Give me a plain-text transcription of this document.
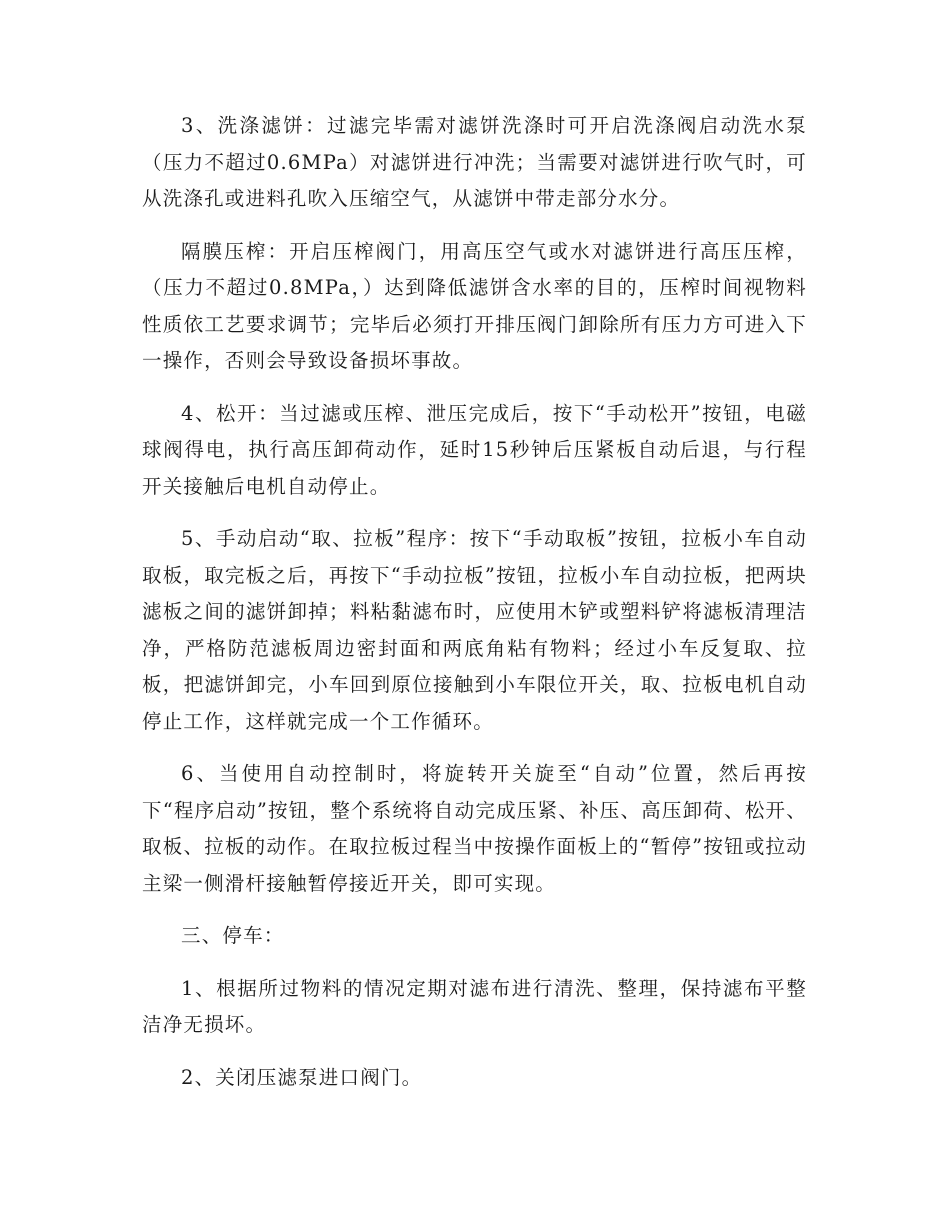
3、洗涤滤饼：过滤完毕需对滤饼洗涤时可开启洗涤阀启动洗水泵（压力不超过0.6MPa）对滤饼进行冲洗；当需要对滤饼进行吹气时，可从洗涤孔或进料孔吹入压缩空气，从滤饼中带走部分水分。

隔膜压榨：开启压榨阀门，用高压空气或水对滤饼进行高压压榨，（压力不超过0.8MPa，）达到降低滤饼含水率的目的，压榨时间视物料性质依工艺要求调节；完毕后必须打开排压阀门卸除所有压力方可进入下一操作，否则会导致设备损坏事故。

4、松开：当过滤或压榨、泄压完成后，按下“手动松开”按钮，电磁球阀得电，执行高压卸荷动作，延时15秒钟后压紧板自动后退，与行程开关接触后电机自动停止。

5、手动启动“取、拉板”程序：按下“手动取板”按钮，拉板小车自动取板，取完板之后，再按下“手动拉板”按钮，拉板小车自动拉板，把两块滤板之间的滤饼卸掉；料粘黏滤布时，应使用木铲或塑料铲将滤板清理洁净，严格防范滤板周边密封面和两底角粘有物料；经过小车反复取、拉板，把滤饼卸完，小车回到原位接触到小车限位开关，取、拉板电机自动停止工作，这样就完成一个工作循环。

6、当使用自动控制时，将旋转开关旋至“自动”位置，然后再按下“程序启动”按钮，整个系统将自动完成压紧、补压、高压卸荷、松开、取板、拉板的动作。在取拉板过程当中按操作面板上的“暂停”按钮或拉动主梁一侧滑杆接触暂停接近开关，即可实现。

三、停车：

1、根据所过物料的情况定期对滤布进行清洗、整理，保持滤布平整洁净无损坏。

2、关闭压滤泵进口阀门。
